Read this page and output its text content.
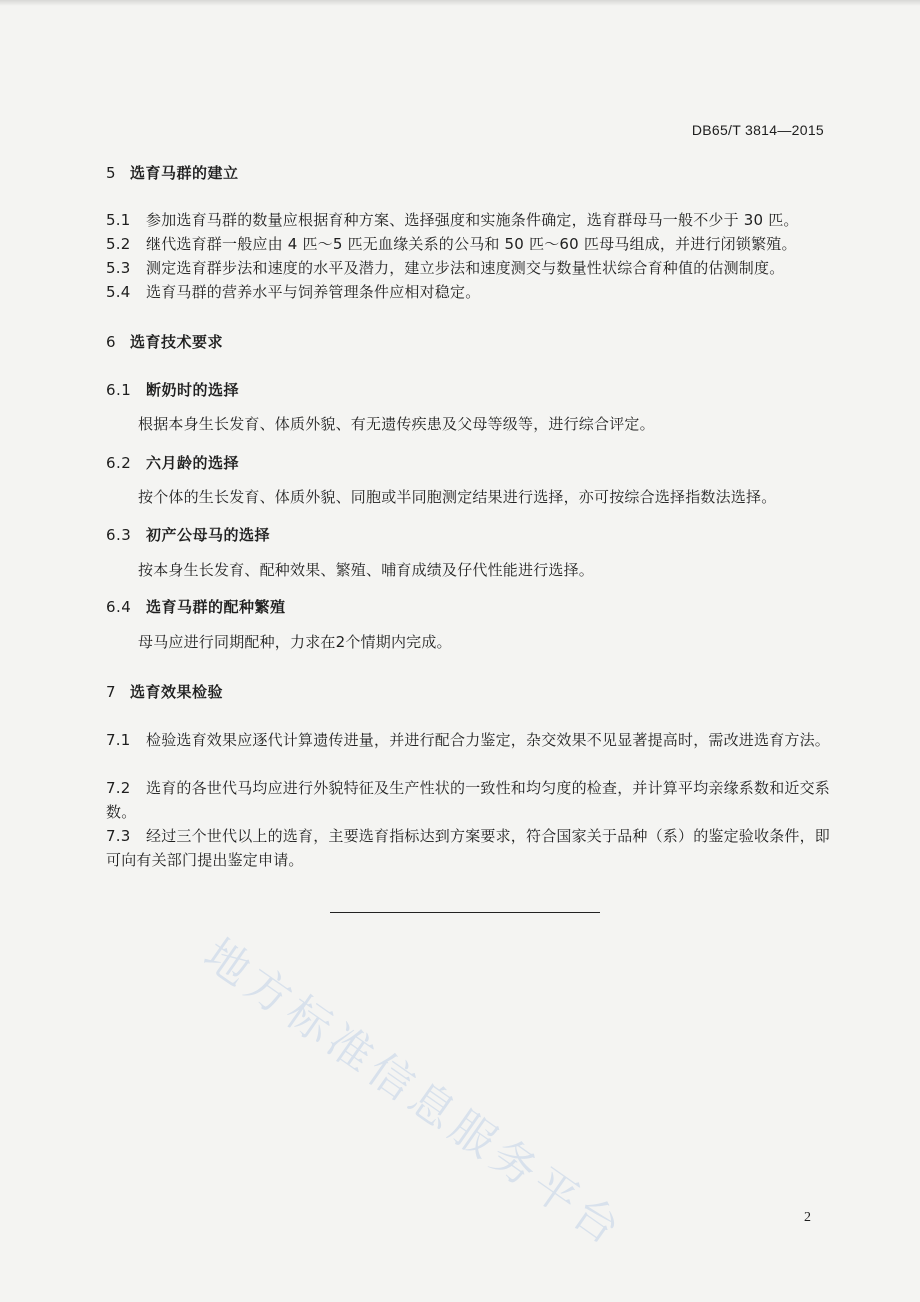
DB65/T 3814—2015
5 选育马群的建立
5.1 参加选育马群的数量应根据育种方案、选择强度和实施条件确定，选育群母马一般不少于 30 匹。
5.2 继代选育群一般应由 4 匹～5 匹无血缘关系的公马和 50 匹～60 匹母马组成，并进行闭锁繁殖。
5.3 测定选育群步法和速度的水平及潜力，建立步法和速度测交与数量性状综合育种值的估测制度。
5.4 选育马群的营养水平与饲养管理条件应相对稳定。
6 选育技术要求
6.1 断奶时的选择
根据本身生长发育、体质外貌、有无遗传疾患及父母等级等，进行综合评定。
6.2 六月龄的选择
按个体的生长发育、体质外貌、同胞或半同胞测定结果进行选择，亦可按综合选择指数法选择。
6.3 初产公母马的选择
按本身生长发育、配种效果、繁殖、哺育成绩及仔代性能进行选择。
6.4 选育马群的配种繁殖
母马应进行同期配种，力求在2个情期内完成。
7 选育效果检验
7.1 检验选育效果应逐代计算遗传进量，并进行配合力鉴定，杂交效果不见显著提高时，需改进选育方法。
7.2 选育的各世代马均应进行外貌特征及生产性状的一致性和均匀度的检查，并计算平均亲缘系数和近交系数。
7.3 经过三个世代以上的选育，主要选育指标达到方案要求，符合国家关于品种（系）的鉴定验收条件，即可向有关部门提出鉴定申请。
地方标准信息服务平台	2
